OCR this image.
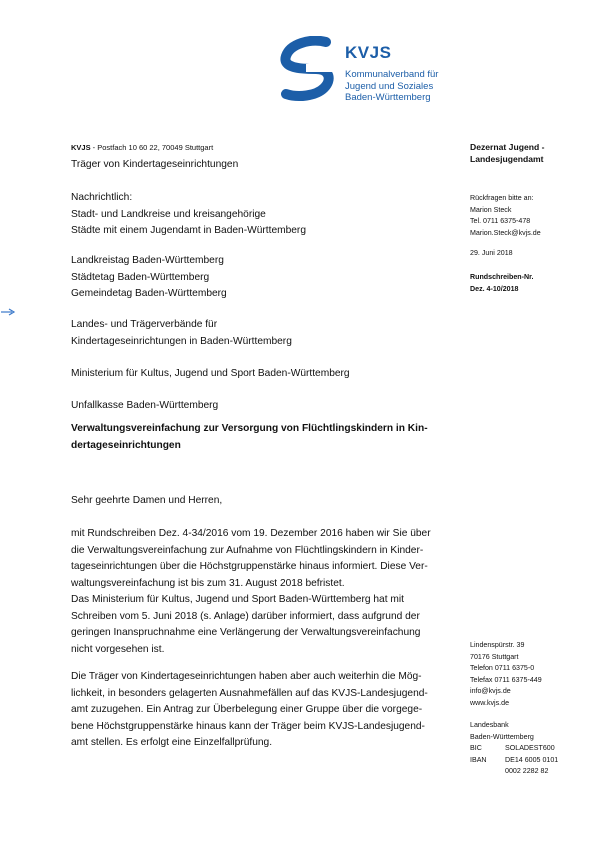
KVJS
Kommunalverband für
Jugend und Soziales
Baden-Württemberg
KVJS - Postfach 10 60 22, 70049 Stuttgart
Träger von Kindertageseinrichtungen
Nachrichtlich:
Stadt- und Landkreise und kreisangehörige
Städte mit einem Jugendamt in Baden-Württemberg
Landkreistag Baden-Württemberg
Städtetag Baden-Württemberg
Gemeindetag Baden-Württemberg
Landes- und Trägerverbände für
Kindertageseinrichtungen in Baden-Württemberg
Ministerium für Kultus, Jugend und Sport Baden-Württemberg
Unfallkasse Baden-Württemberg
Verwaltungsvereinfachung zur Versorgung von Flüchtlingskindern in Kin-
dertageseinrichtungen
Sehr geehrte Damen und Herren,
mit Rundschreiben Dez. 4-34/2016 vom 19. Dezember 2016 haben wir Sie über
die Verwaltungsvereinfachung zur Aufnahme von Flüchtlingskindern in Kinder-
tageseinrichtungen über die Höchstgruppenstärke hinaus informiert. Diese Ver-
waltungsvereinfachung ist bis zum 31. August 2018 befristet.
Das Ministerium für Kultus, Jugend und Sport Baden-Württemberg hat mit
Schreiben vom 5. Juni 2018 (s. Anlage) darüber informiert, dass aufgrund der
geringen Inanspruchnahme eine Verlängerung der Verwaltungsvereinfachung
nicht vorgesehen ist.
Die Träger von Kindertageseinrichtungen haben aber auch weiterhin die Mög-
lichkeit, in besonders gelagerten Ausnahmefällen auf das KVJS-Landesjugend-
amt zuzugehen. Ein Antrag zur Überbelegung einer Gruppe über die vorgege-
bene Höchstgruppenstärke hinaus kann der Träger beim KVJS-Landesjugend-
amt stellen. Es erfolgt eine Einzelfallprüfung.
Dezernat Jugend -
Landesjugendamt
Rückfragen bitte an:
Marion Steck
Tel. 0711 6375-478
Marion.Steck@kvjs.de
29. Juni 2018
Rundschreiben-Nr.
Dez. 4-10/2018
Lindenspürstr. 39
70176 Stuttgart
Telefon 0711 6375-0
Telefax 0711 6375-449
info@kvjs.de
www.kvjs.de
Landesbank
Baden-Württemberg
BIC	SOLADEST600
IBAN	DE14 6005 0101
0002 2282 82
